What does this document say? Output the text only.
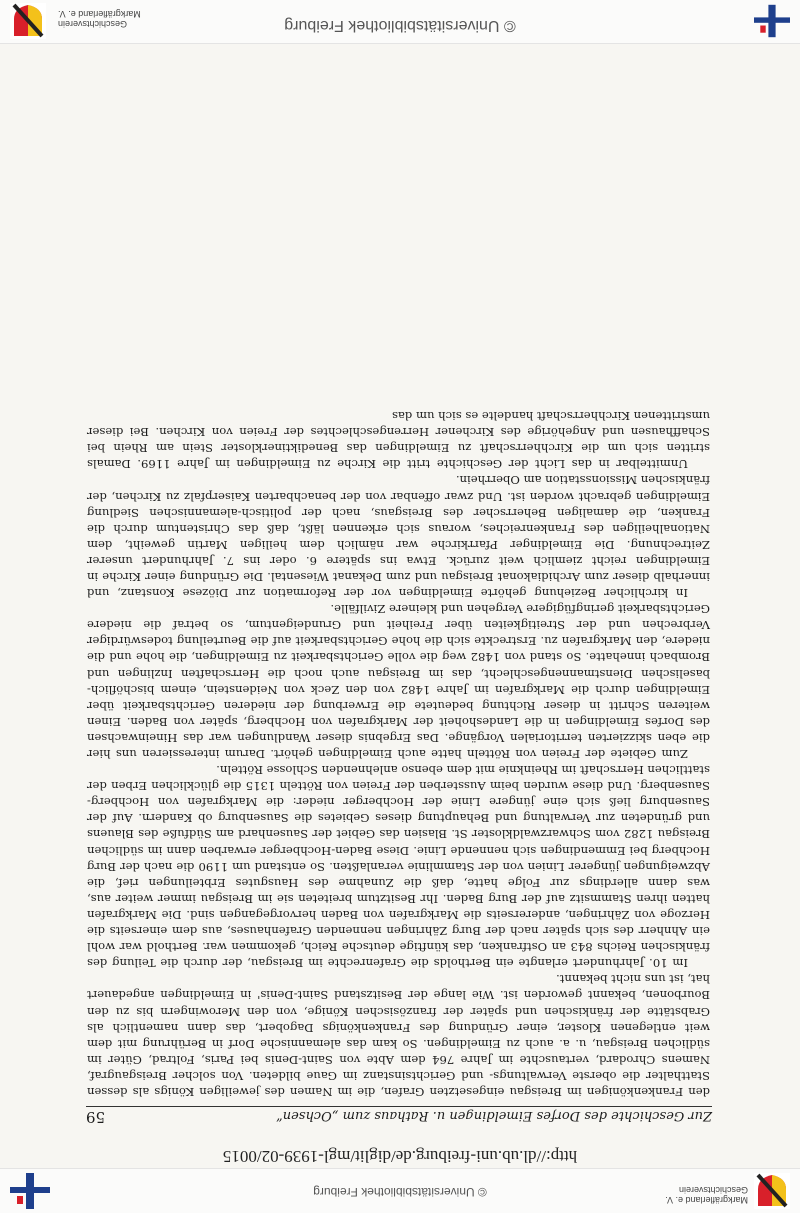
Markgräflerland e. V.
Geschichtsverein
© Universitätsbibliothek Freiburg
© Universitätsbibliothek Freiburg
Geschichtsverein
Markgräflerland e. V.
http://dl.ub.uni-freiburg.de/diglit/mgl-1939-02/0015
Zur Geschichte des Dorfes Eimeldingen u. Rathaus zum „Ochsen“
59

den Frankenkönigen im Breisgau eingesetzten Grafen, die im Namen des jeweiligen Königs als dessen Statthalter die oberste Verwaltungs- und Gerichtsinstanz im Gaue bildeten. Von solcher Breisgaugraf, Namens Chrodard, vertauschte im Jahre 764 dem Abte von Saint-Denis bei Paris, Foltrad, Güter im südlichen Breisgau, u. a. auch zu Eimeldingen. So kam das alemannische Dorf in Berührung mit dem weit entlegenen Kloster, einer Gründung des Frankenkönigs Dagobert, das dann namentlich als Grabstätte der fränkischen und später der französischen Könige, von den Merowingern bis zu den Bourbonen, bekannt geworden ist. Wie lange der Besitzstand Saint-Denis' in Eimeldingen angedauert hat, ist uns nicht bekannt.

Im 10. Jahrhundert erlangte ein Bertholds die Grafenrechte im Breisgau, der durch die Teilung des fränkischen Reichs 843 an Ostfranken, das künftige deutsche Reich, gekommen war. Berthold war wohl ein Ahnherr des sich später nach der Burg Zähringen nennenden Grafenhauses, aus dem einerseits die Herzoge von Zähringen, andererseits die Markgrafen von Baden hervorgegangen sind. Die Markgrafen hatten ihren Stammsitz auf der Burg Baden. Ihr Besitztum breiteten sie im Breisgau immer weiter aus, was dann allerdings zur Folge hatte, daß die Zunahme des Hausgutes Erbteilungen rief, die Abzweigungen jüngerer Linien von der Stammlinie veranlaßten. So entstand um 1190 die nach der Burg Hochberg bei Emmendingen sich nennende Linie. Diese Baden-Hochberger erwarben dann im südlichen Breisgau 1282 vom Schwarzwaldkloster St. Blasien das Gebiet der Sausenhard am Südfuße des Blauens und gründeten zur Verwaltung und Behauptung dieses Gebietes die Sausenburg ob Kandern. Auf der Sausenburg ließ sich eine jüngere Linie der Hochberger nieder: die Markgrafen von Hochberg-Sausenberg. Und diese wurden beim Aussterben der Freien von Rötteln 1315 die glücklichen Erben der stattlichen Herrschaft im Rheinknie mit dem ebenso anlehnenden Schlosse Rötteln.

Zum Gebiete der Freien von Rötteln hatte auch Eimeldingen gehört. Darum interessieren uns hier die eben skizzierten territorialen Vorgänge. Das Ergebnis dieser Wandlungen war das Hineinwachsen des Dorfes Eimeldingen in die Landeshoheit der Markgrafen von Hochberg, später von Baden. Einen weiteren Schritt in dieser Richtung bedeutete die Erwerbung der niederen Gerichtsbarkeit über Eimeldingen durch die Markgrafen im Jahre 1482 von den Zeck von Neidenstein, einem bischöflich-baselischen Dienstmannengeschlecht, das im Breisgau auch noch die Herrschaften Inzlingen und Brombach innehatte. So stand von 1482 weg die volle Gerichtsbarkeit zu Eimeldingen, die hohe und die niedere, den Markgrafen zu. Erstreckte sich die hohe Gerichtsbarkeit auf die Beurteilung todeswürdiger Verbrechen und der Streitigkeiten über Freiheit und Grundeigentum, so betraf die niedere Gerichtsbarkeit geringfügigere Vergehen und kleinere Zivilfälle.

In kirchlicher Beziehung gehörte Eimeldingen vor der Reformation zur Diözese Konstanz, und innerhalb dieser zum Archidiakonat Breisgau und zum Dekanat Wiesental. Die Gründung einer Kirche in Eimeldingen reicht ziemlich weit zurück. Etwa ins spätere 6. oder ins 7. Jahrhundert unserer Zeitrechnung. Die Eimeldinger Pfarrkirche war nämlich dem heiligen Martin geweiht, dem Nationalheiligen des Frankenreiches, woraus sich erkennen läßt, daß das Christentum durch die Franken, die damaligen Beherrscher des Breisgaus, nach der politisch-alemannischen Siedlung Eimeldingen gebracht worden ist. Und zwar offenbar von der benachbarten Kaiserpfalz zu Kirchen, der fränkischen Missionsstation am Oberrhein.

Unmittelbar in das Licht der Geschichte tritt die Kirche zu Eimeldingen im Jahre 1169. Damals stritten sich um die Kirchherrschaft zu Eimeldingen das Benediktinerkloster Stein am Rhein bei Schaffhausen und Angehörige des Kirchener Herrengeschlechtes der Freien von Kirchen. Bei dieser umstrittenen Kirchherrschaft handelte es sich um das
